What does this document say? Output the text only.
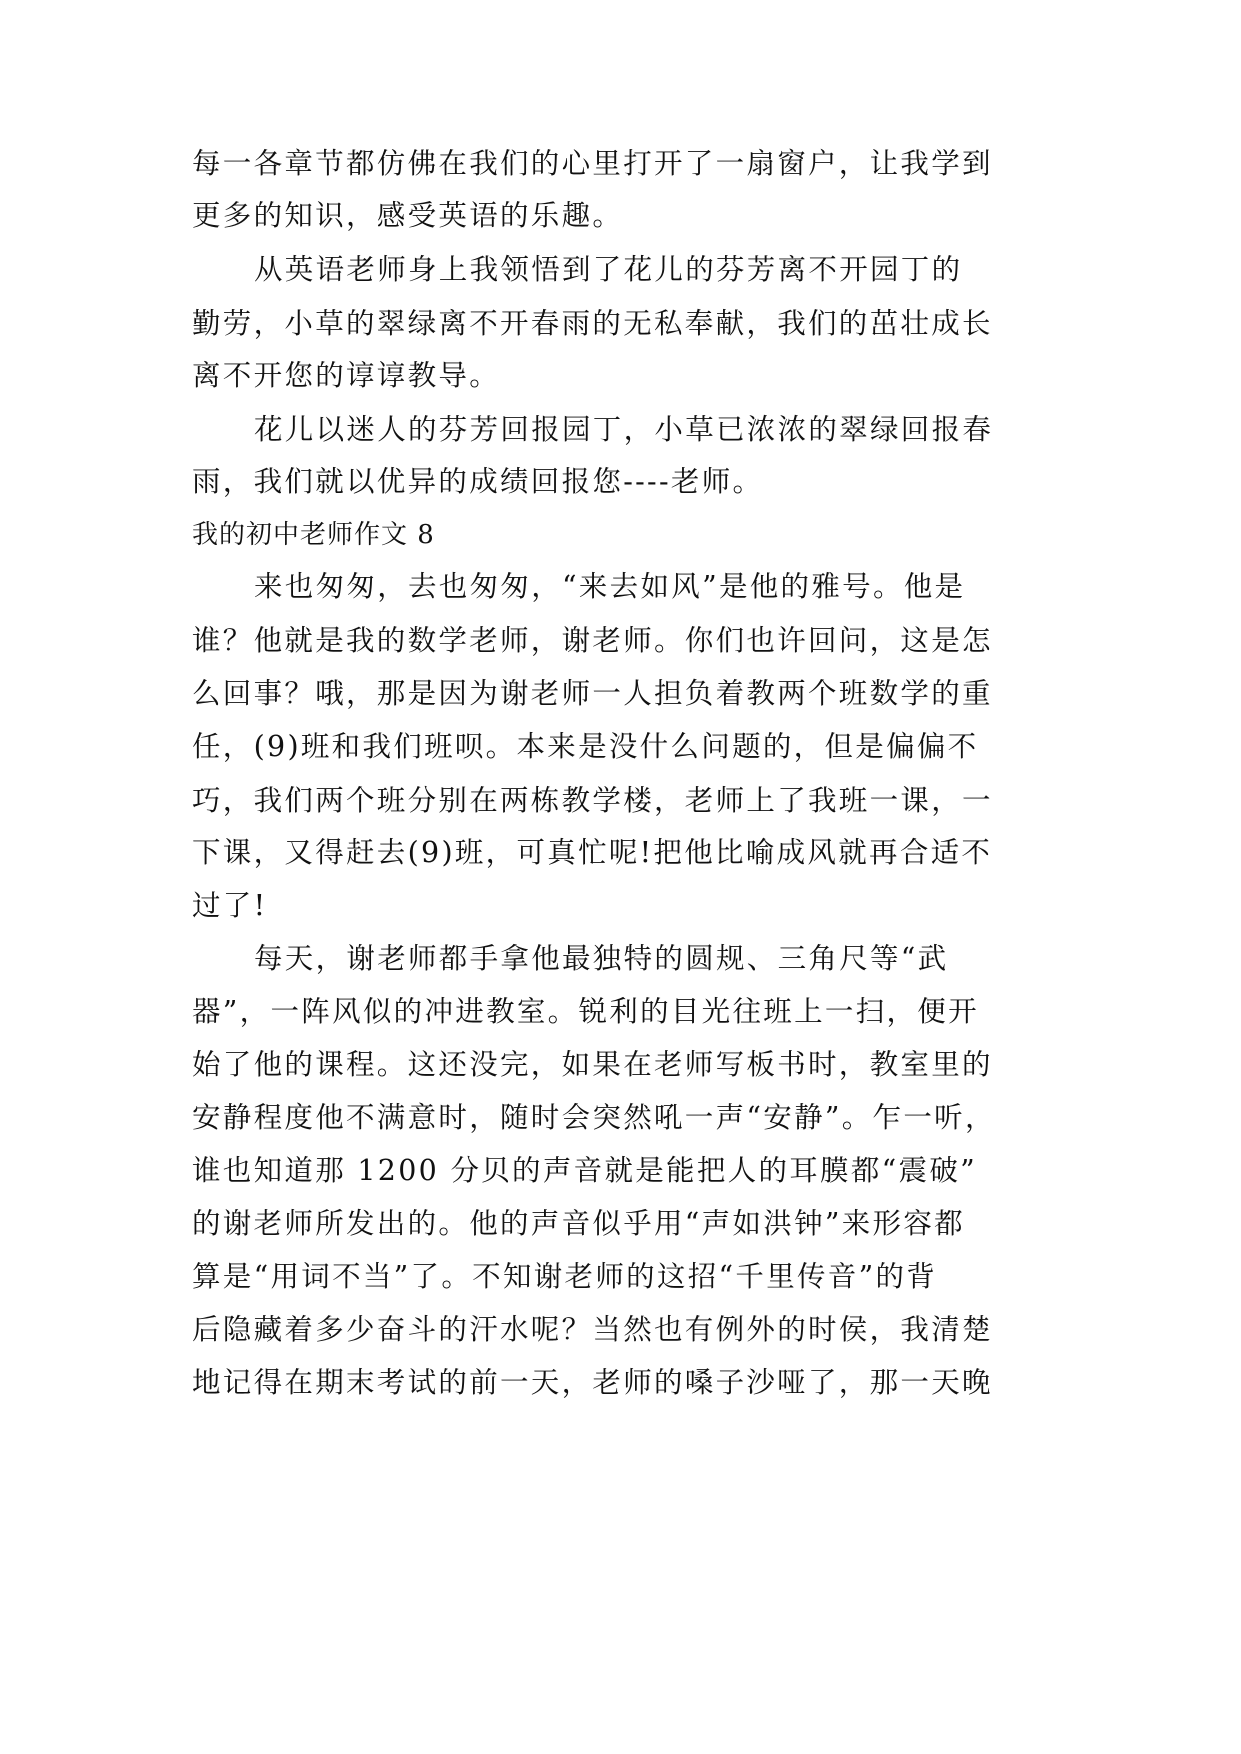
每一各章节都仿佛在我们的心里打开了一扇窗户，让我学到

更多的知识，感受英语的乐趣。

从英语老师身上我领悟到了花儿的芬芳离不开园丁的

勤劳，小草的翠绿离不开春雨的无私奉献，我们的茁壮成长

离不开您的谆谆教导。

花儿以迷人的芬芳回报园丁，小草已浓浓的翠绿回报春

雨，我们就以优异的成绩回报您----老师。

我的初中老师作文 8

来也匆匆，去也匆匆，“来去如风”是他的雅号。他是

谁？他就是我的数学老师，谢老师。你们也许回问，这是怎

么回事？哦，那是因为谢老师一人担负着教两个班数学的重

任，(9)班和我们班呗。本来是没什么问题的，但是偏偏不

巧，我们两个班分别在两栋教学楼，老师上了我班一课，一

下课，又得赶去(9)班，可真忙呢!把他比喻成风就再合适不

过了!

每天，谢老师都手拿他最独特的圆规、三角尺等“武

器”，一阵风似的冲进教室。锐利的目光往班上一扫，便开

始了他的课程。这还没完，如果在老师写板书时，教室里的

安静程度他不满意时，随时会突然吼一声“安静”。乍一听，

谁也知道那 1200 分贝的声音就是能把人的耳膜都“震破”

的谢老师所发出的。他的声音似乎用“声如洪钟”来形容都

算是“用词不当”了。不知谢老师的这招“千里传音”的背

后隐藏着多少奋斗的汗水呢？当然也有例外的时侯，我清楚

地记得在期末考试的前一天，老师的嗓子沙哑了，那一天晚
